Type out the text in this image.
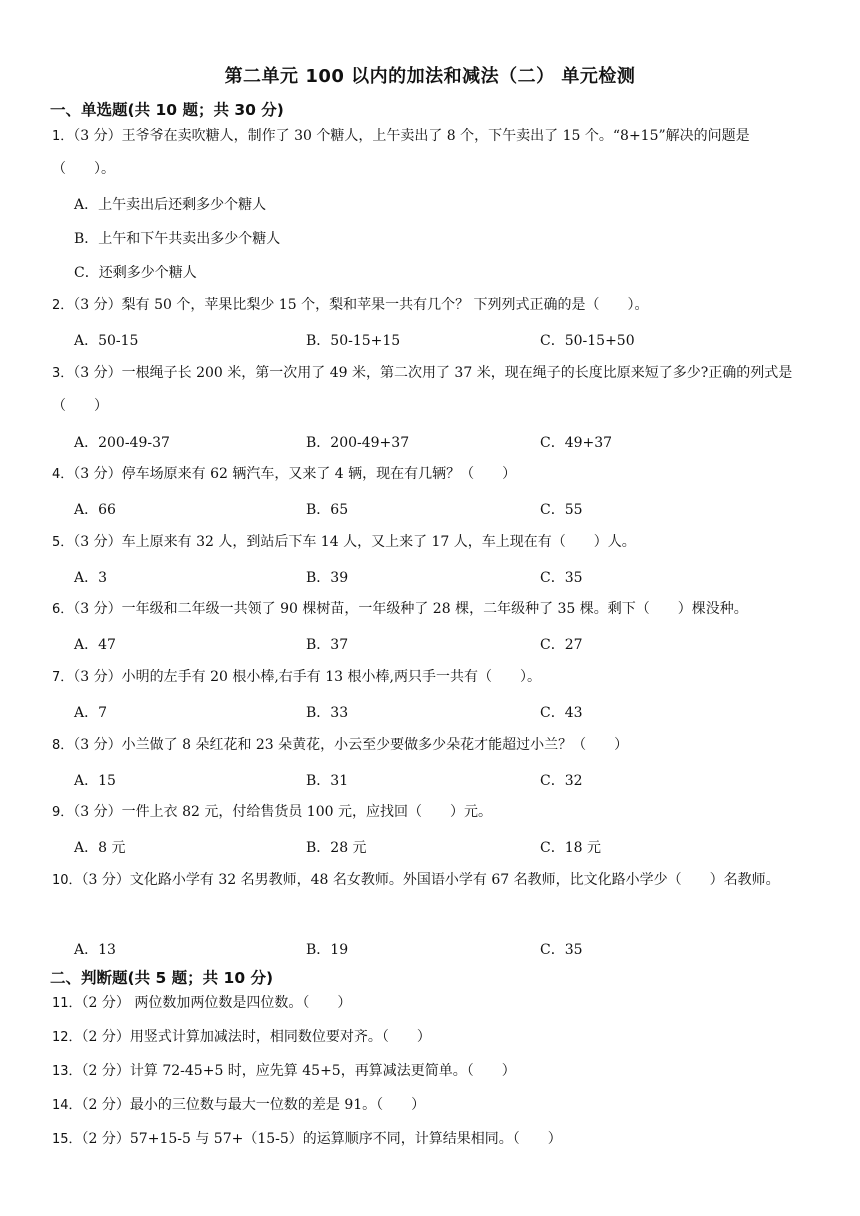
第二单元 100 以内的加法和减法（二） 单元检测
一、单选题(共 10 题；共 30 分)
1．（3 分）王爷爷在卖吹糖人，制作了 30 个糖人，上午卖出了 8 个，下午卖出了 15 个。“8+15”解决的问题是（　　）。
A．上午卖出后还剩多少个糖人
B．上午和下午共卖出多少个糖人
C．还剩多少个糖人
2．（3 分）梨有 50 个，苹果比梨少 15 个，梨和苹果一共有几个？ 下列列式正确的是（　　）。
A．50-15	B．50-15+15	C．50-15+50
3．（3 分）一根绳子长 200 米，第一次用了 49 米，第二次用了 37 米，现在绳子的长度比原来短了多少?正确的列式是（　　）
A．200-49-37	B．200-49+37	C．49+37
4．（3 分）停车场原来有 62 辆汽车，又来了 4 辆，现在有几辆？（　　）
A．66	B．65	C．55
5．（3 分）车上原来有 32 人，到站后下车 14 人，又上来了 17 人，车上现在有（　　）人。
A．3	B．39	C．35
6．（3 分）一年级和二年级一共领了 90 棵树苗，一年级种了 28 棵，二年级种了 35 棵。剩下（　　）棵没种。
A．47	B．37	C．27
7．（3 分）小明的左手有 20 根小棒,右手有 13 根小棒,两只手一共有（　　）。
A．7	B．33	C．43
8．（3 分）小兰做了 8 朵红花和 23 朵黄花，小云至少要做多少朵花才能超过小兰？（　　）
A．15	B．31	C．32
9．（3 分）一件上衣 82 元，付给售货员 100 元，应找回（　　）元。
A．8 元	B．28 元	C．18 元
10．（3 分）文化路小学有 32 名男教师，48 名女教师。外国语小学有 67 名教师，比文化路小学少（　　）名教师。
A．13	B．19	C．35
二、判断题(共 5 题；共 10 分)
11．（2 分） 两位数加两位数是四位数。（　　）
12．（2 分）用竖式计算加减法时，相同数位要对齐。（　　）
13．（2 分）计算 72-45+5 时，应先算 45+5，再算减法更简单。（　　）
14．（2 分）最小的三位数与最大一位数的差是 91。（　　）
15．（2 分）57+15-5 与 57+（15-5）的运算顺序不同，计算结果相同。（　　）
